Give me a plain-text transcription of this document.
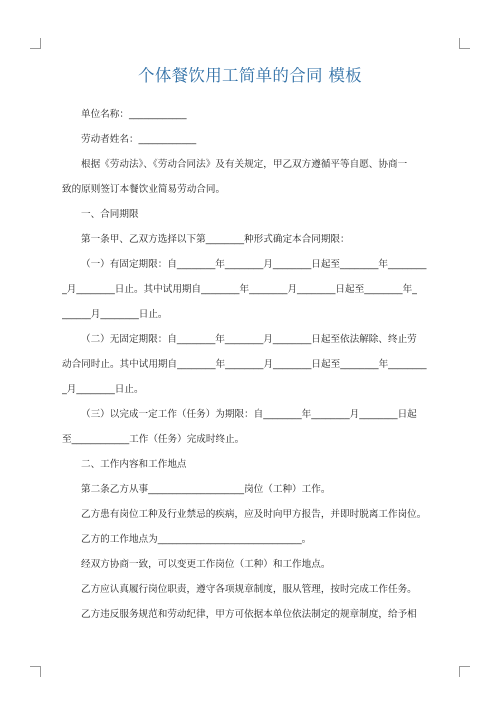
个体餐饮用工简单的合同 模板

单位名称：____________

劳动者姓名：____________

根据《劳动法》、《劳动合同法》及有关规定，甲乙双方遵循平等自愿、协商一

致的原则签订本餐饮业简易劳动合同。

一、合同期限

第一条甲、乙双方选择以下第________种形式确定本合同期限：

（一）有固定期限：自________年________月________日起至________年________

_月________日止。其中试用期自________年________月________日起至________年_

______月________日止。

（二）无固定期限：自________年________月________日起至依法解除、终止劳

动合同时止。其中试用期自________年________月________日起至________年________

_月________日止。

（三）以完成一定工作（任务）为期限：自________年________月________日起

至____________工作（任务）完成时终止。

二、工作内容和工作地点

第二条乙方从事____________________岗位（工种）工作。

乙方患有岗位工种及行业禁忌的疾病，应及时向甲方报告，并即时脱离工作岗位。

乙方的工作地点为______________________________。

经双方协商一致，可以变更工作岗位（工种）和工作地点。

乙方应认真履行岗位职责，遵守各项规章制度，服从管理，按时完成工作任务。

乙方违反服务规范和劳动纪律，甲方可依据本单位依法制定的规章制度，给予相
